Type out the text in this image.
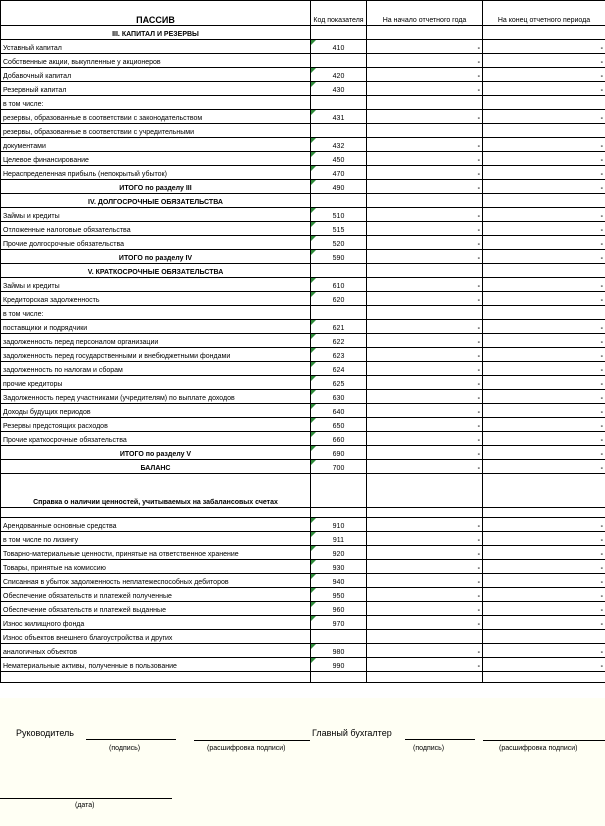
ПАССИВ	Код показателя	На начало отчетного года	На конец отчетного периода
III. КАПИТАЛ И РЕЗЕРВЫ			
Уставный капитал	410	-	-
Собственные акции, выкупленные у акционеров		-	-
Добавочный капитал	420	-	-
Резервный капитал	430	-	-
в том числе:			
резервы, образованные в соответствии с законодательством	431	-	-
резервы, образованные в соответствии с учредительными			
документами	432	-	-
Целевое финансирование	450	-	-
Нераспределенная прибыль (непокрытый убыток)	470	-	-
ИТОГО по разделу III	490	-	-
IV. ДОЛГОСРОЧНЫЕ ОБЯЗАТЕЛЬСТВА			
Займы и кредиты	510	-	-
Отложенные налоговые обязательства	515	-	-
Прочие долгосрочные обязательства	520	-	-
ИТОГО по разделу IV	590	-	-
V. КРАТКОСРОЧНЫЕ ОБЯЗАТЕЛЬСТВА			
Займы и кредиты	610	-	-
Кредиторская задолженность	620	-	-
в том числе:			
поставщики и подрядчики	621	-	-
задолженность перед персоналом организации	622	-	-
задолженность перед государственными и внебюджетными фондами	623	-	-
задолженность по налогам и сборам	624	-	-
прочие кредиторы	625	-	-
Задолженность перед участниками (учредителям) по выплате доходов	630	-	-
Доходы будущих периодов	640	-	-
Резервы предстоящих расходов	650	-	-
Прочие краткосрочные обязательства	660	-	-
ИТОГО по разделу V	690	-	-
БАЛАНС	700	-	-
Справка о наличии ценностей, учитываемых на забалансовых счетах			

Арендованные основные средства	910	-	-
в том числе по лизингу	911	-	-
Товарно-материальные ценности, принятые на ответственное хранение	920	-	-
Товары, принятые на комиссию	930	-	-
Списанная в убыток задолженность неплатежеспособных дебиторов	940	-	-
Обеспечение обязательств и платежей полученные	950	-	-
Обеспечение обязательств и платежей выданные	960	-	-
Износ жилищного фонда	970	-	-
Износ объектов внешнего благоустройства и других			
аналогичных объектов	980	-	-
Нематериальные активы, полученные в пользование	990	-	-

Руководитель
(подпись)	(расшифровка подписи)
Главный бухгалтер
(подпись)	(расшифровка подписи)
(дата)
